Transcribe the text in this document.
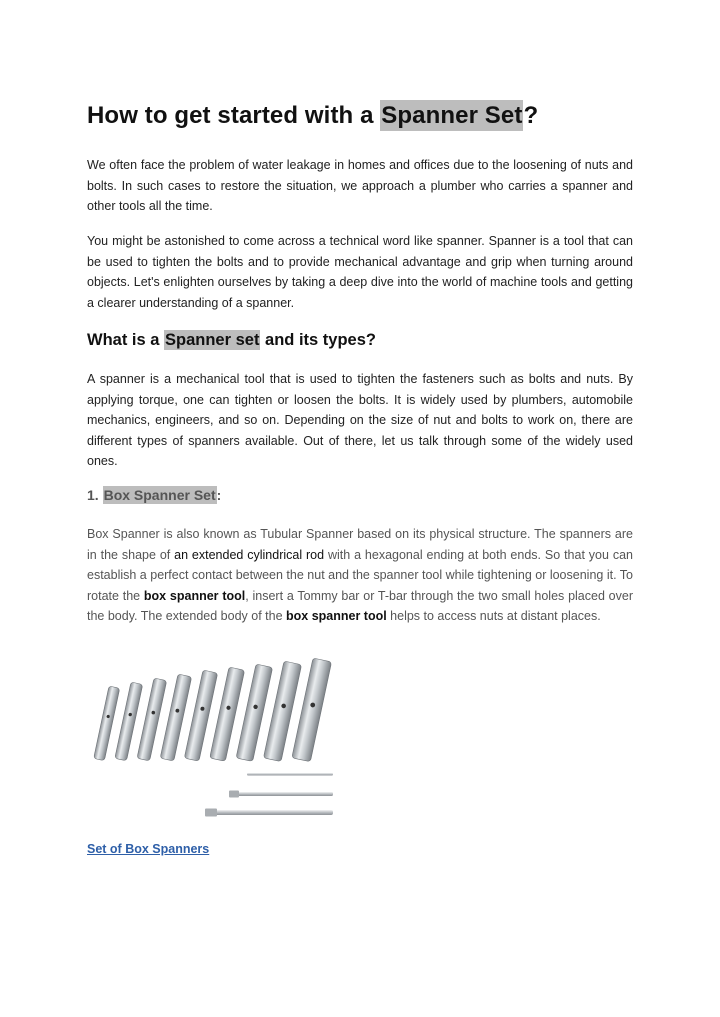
How to get started with a Spanner Set?

We often face the problem of water leakage in homes and offices due to the loosening of nuts and bolts. In such cases to restore the situation, we approach a plumber who carries a spanner and other tools all the time.

You might be astonished to come across a technical word like spanner. Spanner is a tool that can be used to tighten the bolts and to provide mechanical advantage and grip when turning around objects. Let's enlighten ourselves by taking a deep dive into the world of machine tools and getting a clearer understanding of a spanner.

What is a Spanner set and its types?

A spanner is a mechanical tool that is used to tighten the fasteners such as bolts and nuts. By applying torque, one can tighten or loosen the bolts. It is widely used by plumbers, automobile mechanics, engineers, and so on. Depending on the size of nut and bolts to work on, there are different types of spanners available. Out of there, let us talk through some of the widely used ones.

1. Box Spanner Set:

Box Spanner is also known as Tubular Spanner based on its physical structure. The spanners are in the shape of an extended cylindrical rod with a hexagonal ending at both ends. So that you can establish a perfect contact between the nut and the spanner tool while tightening or loosening it. To rotate the box spanner tool, insert a Tommy bar or T-bar through the two small holes placed over the body. The extended body of the box spanner tool helps to access nuts at distant places.

Set of Box Spanners
